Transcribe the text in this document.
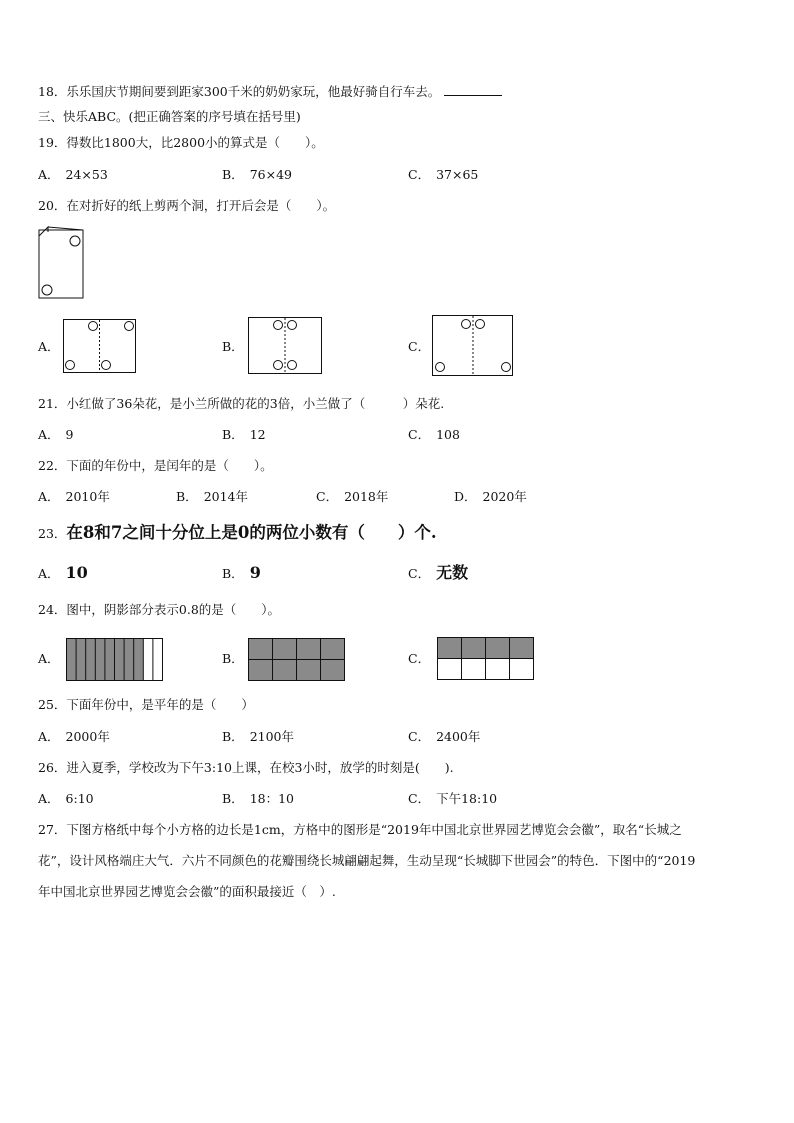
18．乐乐国庆节期间要到距家300千米的奶奶家玩，他最好骑自行车去。
三、快乐ABC。(把正确答案的序号填在括号里)
19．得数比1800大，比2800小的算式是（　　）。
A． 24×53	B． 76×49	C． 37×65
20．在对折好的纸上剪两个洞，打开后会是（　　）。
A．	B．	C．
21．小红做了36朵花，是小兰所做的花的3倍，小兰做了（　　　）朵花.
A． 9	B． 12	C． 108
22．下面的年份中，是闰年的是（　　）。
A． 2010年	B． 2014年	C． 2018年	D． 2020年
23．在8和7之间十分位上是0的两位小数有（　　）个.
A． 10	B． 9	C． 无数
24．图中，阴影部分表示0.8的是（　　）。
A．	B．	C．
25．下面年份中，是平年的是（　　）
A． 2000年	B． 2100年	C． 2400年
26．进入夏季，学校改为下午3:10上课，在校3小时，放学的时刻是(　　).
A． 6:10	B． 18：10	C． 下午18:10
27．下图方格纸中每个小方格的边长是1cm，方格中的图形是“2019年中国北京世界园艺博览会会徽”，取名“长城之
花”，设计风格端庄大气．六片不同颜色的花瓣围绕长城翩翩起舞，生动呈现“长城脚下世园会”的特色．下图中的“2019
年中国北京世界园艺博览会会徽”的面积最接近（　）.
